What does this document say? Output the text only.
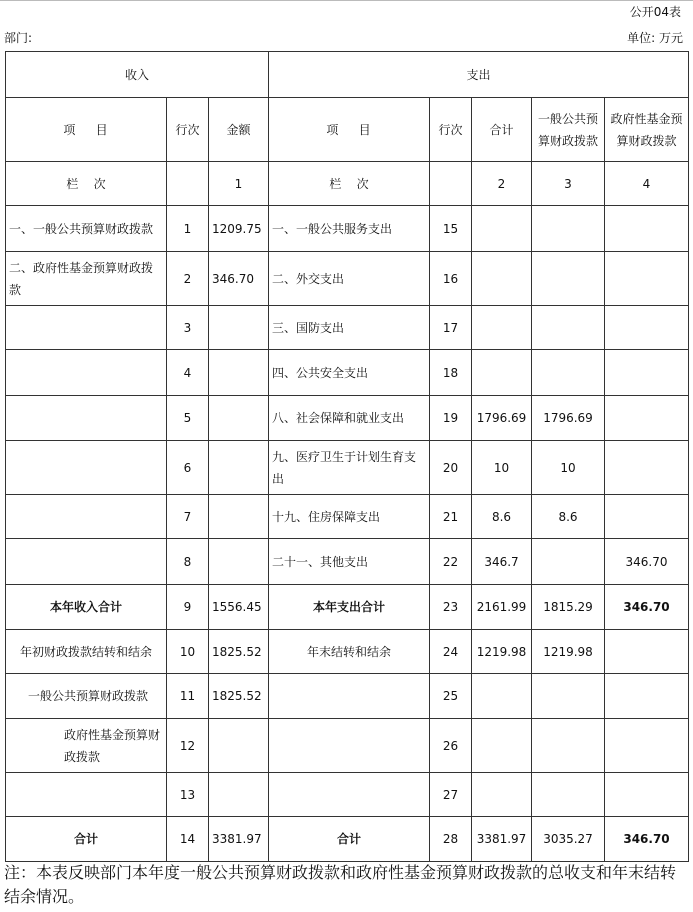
公开04表
部门:	单位: 万元
收入			支出				
项    目	行次	金额	项    目	行次	合计	一般公共预算财政拨款	政府性基金预算财政拨款
栏    次		1	栏    次		2	3	4
一、一般公共预算财政拨款	1	1209.75	一、一般公共服务支出	15			
二、政府性基金预算财政拨款	2	346.70	二、外交支出	16			
	3		三、国防支出	17			
	4		四、公共安全支出	18			
	5		八、社会保障和就业支出	19	1796.69	1796.69	
	6		九、医疗卫生于计划生育支出	20	10	10	
	7		十九、住房保障支出	21	8.6	8.6	
	8		二十一、其他支出	22	346.7		346.70
本年收入合计	9	1556.45	本年支出合计	23	2161.99	1815.29	346.70
年初财政拨款结转和结余	10	1825.52	年末结转和结余	24	1219.98	1219.98	
一般公共预算财政拨款	11	1825.52		25			
政府性基金预算财政拨款	12			26			
	13			27			
合计	14	3381.97	合计	28	3381.97	3035.27	346.70
注：本表反映部门本年度一般公共预算财政拨款和政府性基金预算财政拨款的总收支和年末结转结余情况。
